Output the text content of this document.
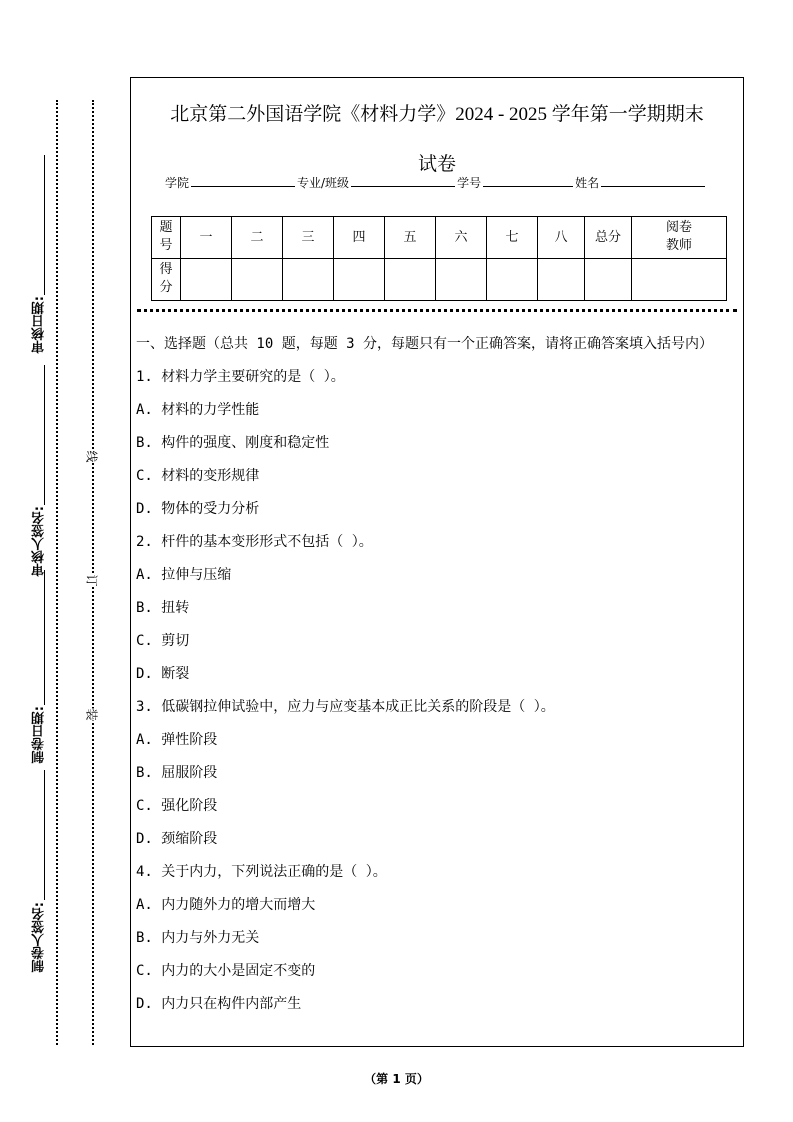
审核日期:
审核人签名:
制卷日期:
制卷人签名:
线
订
装
北京第二外国语学院《材料力学》2024 - 2025 学年第一学期期末
试卷
学院	专业/班级	学号	姓名
题号	一	二	三	四	五	六	七	八	总分	阅卷教师
得分										
一、选择题（总共 10 题，每题 3 分，每题只有一个正确答案，请将正确答案填入括号内）
1. 材料力学主要研究的是（ ）。
A. 材料的力学性能
B. 构件的强度、刚度和稳定性
C. 材料的变形规律
D. 物体的受力分析
2. 杆件的基本变形形式不包括（ ）。
A. 拉伸与压缩
B. 扭转
C. 剪切
D. 断裂
3. 低碳钢拉伸试验中，应力与应变基本成正比关系的阶段是（ ）。
A. 弹性阶段
B. 屈服阶段
C. 强化阶段
D. 颈缩阶段
4. 关于内力，下列说法正确的是（ ）。
A. 内力随外力的增大而增大
B. 内力与外力无关
C. 内力的大小是固定不变的
D. 内力只在构件内部产生
（第 1 页）
